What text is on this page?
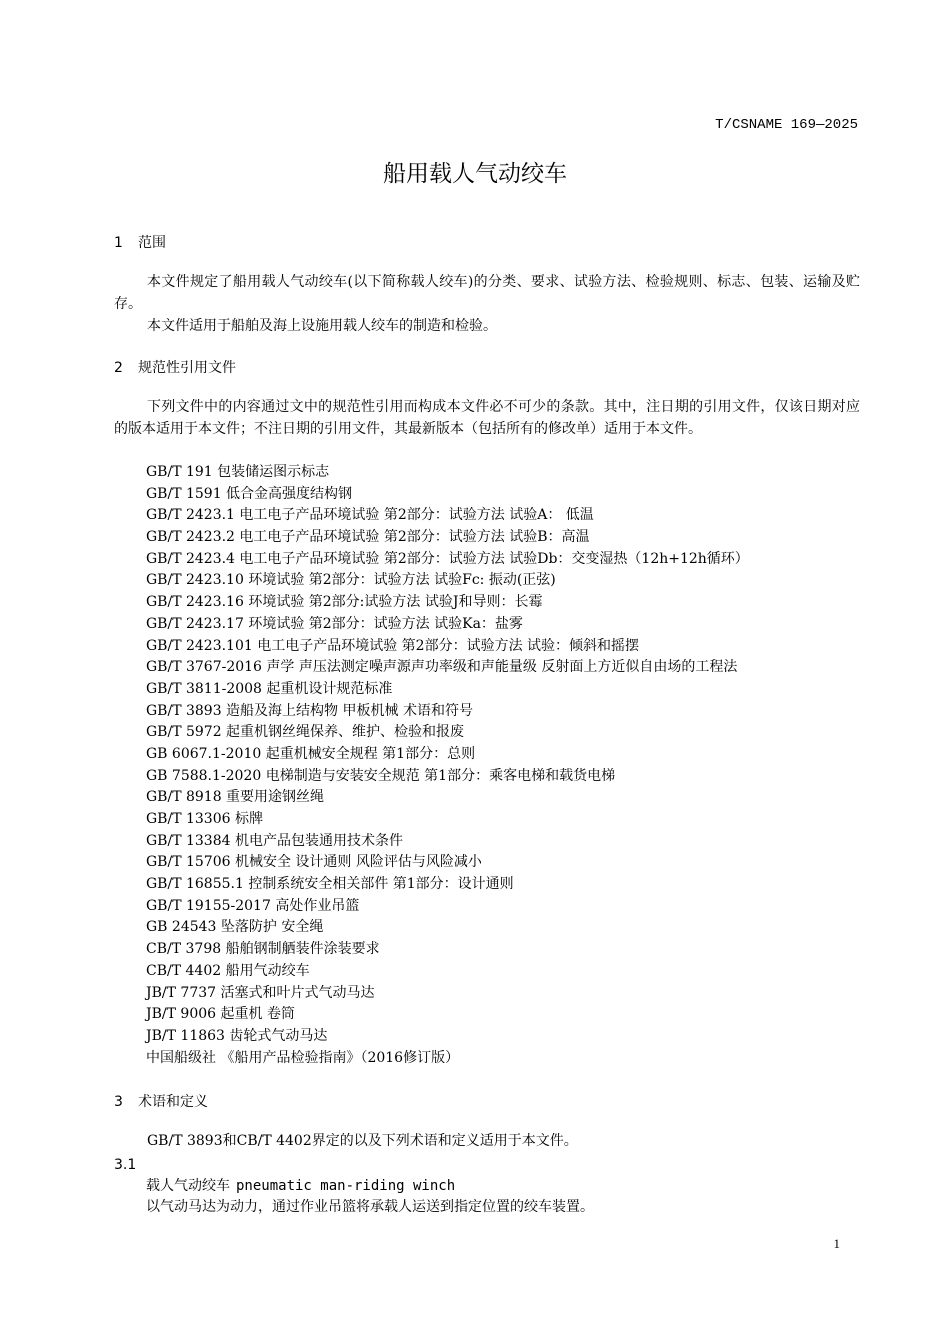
T/CSNAME 169—2025
船用载人气动绞车
1 范围

本文件规定了船用载人气动绞车(以下简称载人绞车)的分类、要求、试验方法、检验规则、标志、包装、运输及贮存。

本文件适用于船舶及海上设施用载人绞车的制造和检验。

2 规范性引用文件

下列文件中的内容通过文中的规范性引用而构成本文件必不可少的条款。其中，注日期的引用文件，仅该日期对应的版本适用于本文件；不注日期的引用文件，其最新版本（包括所有的修改单）适用于本文件。

GB/T 191 包装储运图示标志
GB/T 1591 低合金高强度结构钢
GB/T 2423.1 电工电子产品环境试验 第2部分：试验方法 试验A： 低温
GB/T 2423.2 电工电子产品环境试验 第2部分：试验方法 试验B：高温
GB/T 2423.4 电工电子产品环境试验 第2部分：试验方法 试验Db：交变湿热（12h+12h循环）
GB/T 2423.10 环境试验 第2部分：试验方法 试验Fc: 振动(正弦)
GB/T 2423.16 环境试验 第2部分:试验方法 试验J和导则：长霉
GB/T 2423.17 环境试验 第2部分：试验方法 试验Ka：盐雾
GB/T 2423.101 电工电子产品环境试验 第2部分：试验方法 试验：倾斜和摇摆
GB/T 3767-2016 声学 声压法测定噪声源声功率级和声能量级 反射面上方近似自由场的工程法
GB/T 3811-2008 起重机设计规范标准
GB/T 3893 造船及海上结构物 甲板机械 术语和符号
GB/T 5972 起重机钢丝绳保养、维护、检验和报废
GB 6067.1-2010 起重机械安全规程 第1部分：总则
GB 7588.1-2020 电梯制造与安装安全规范 第1部分：乘客电梯和载货电梯
GB/T 8918 重要用途钢丝绳
GB/T 13306 标牌
GB/T 13384 机电产品包装通用技术条件
GB/T 15706 机械安全 设计通则 风险评估与风险减小
GB/T 16855.1 控制系统安全相关部件 第1部分：设计通则
GB/T 19155-2017 高处作业吊篮
GB 24543 坠落防护 安全绳
CB/T 3798 船舶钢制舾装件涂装要求
CB/T 4402 船用气动绞车
JB/T 7737 活塞式和叶片式气动马达
JB/T 9006 起重机 卷筒
JB/T 11863 齿轮式气动马达
中国船级社 《船用产品检验指南》（2016修订版）
3 术语和定义

GB/T 3893和CB/T 4402界定的以及下列术语和定义适用于本文件。

3.1
载人气动绞车 pneumatic man-riding winch
以气动马达为动力，通过作业吊篮将承载人运送到指定位置的绞车装置。
1
